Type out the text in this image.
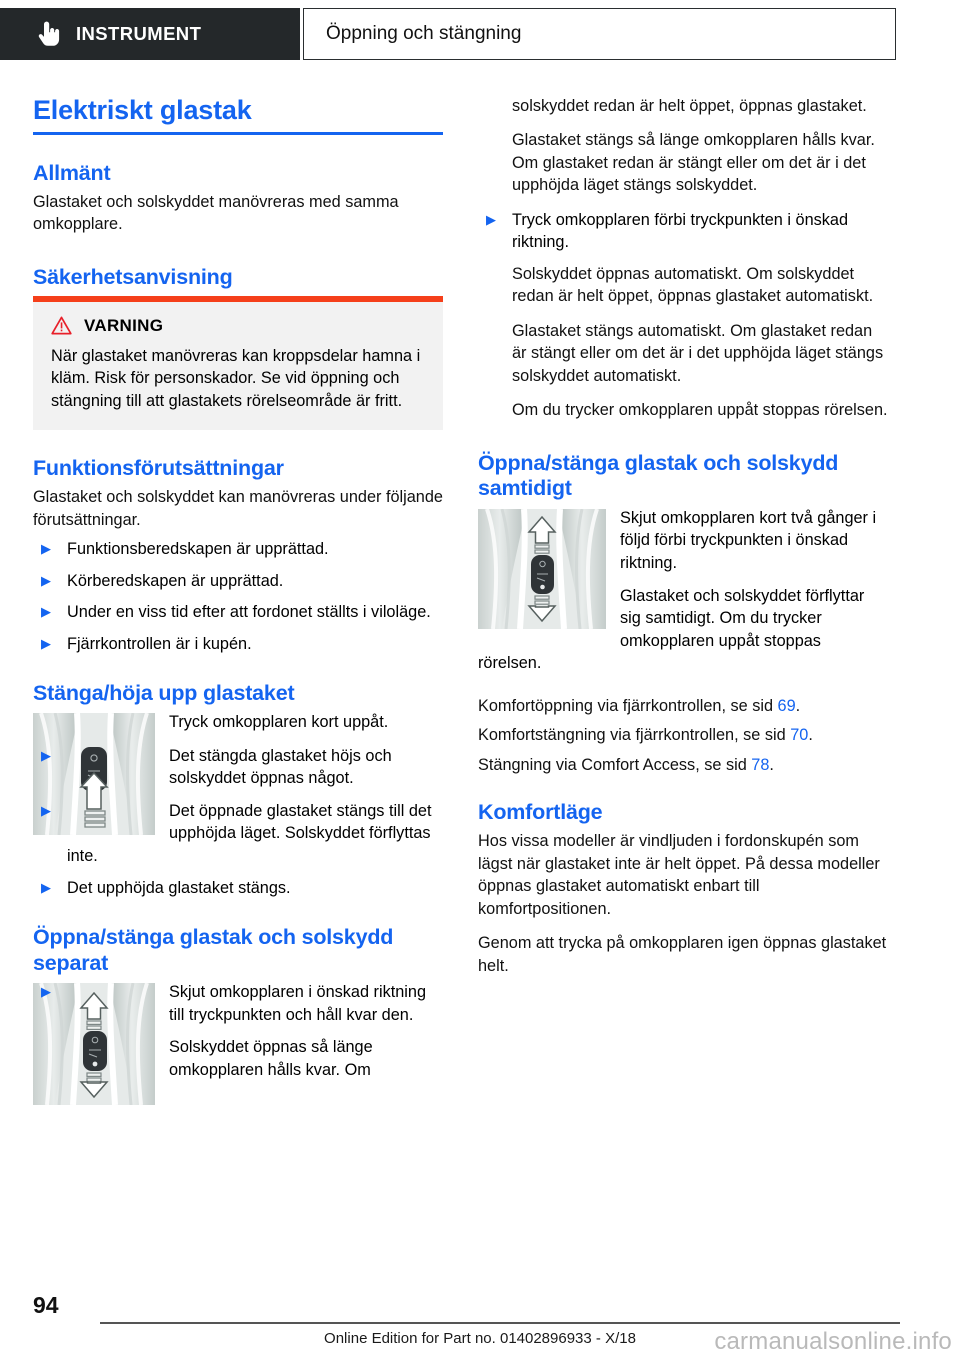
INSTRUMENT	Öppning och stängning
Elektriskt glastak
Allmänt

Glastaket och solskyddet manövreras med samma omkopplare.

Säkerhetsanvisning
VARNING

När glastaket manövreras kan kroppsdelar hamna i kläm. Risk för personskador. Se vid öppning och stängning till att glastakets rörelseområde är fritt.

Funktionsförutsättningar

Glastaket och solskyddet kan manövreras under följande förutsättningar.

▶ Funktionsberedskapen är upprättad.
▶ Körberedskapen är upprättad.
▶ Under en viss tid efter att fordonet ställts i viloläge.
▶ Fjärrkontrollen är i kupén.
Stänga/höja upp glastaket

Tryck omkopplaren kort uppåt.

▶	Det stängda glastaket höjs och solskyddet öppnas något.
▶	Det öppnade glastaket stängs till det upphöjda läget. Solskyddet förflyttas inte.
▶ Det upphöjda glastaket stängs.
Öppna/stänga glastak och solskydd separat
▶	Skjut omkopplaren i önskad riktning till tryckpunkten och håll kvar den.

Solskyddet öppnas så länge omkopplaren hålls kvar. Om

solskyddet redan är helt öppet, öppnas glastaket.

Glastaket stängs så länge omkopplaren hålls kvar. Om glastaket redan är stängt eller om det är i det upphöjda läget stängs solskyddet.

▶ Tryck omkopplaren förbi tryckpunkten i önskad riktning.

Solskyddet öppnas automatiskt. Om solskyddet redan är helt öppet, öppnas glastaket automatiskt.

Glastaket stängs automatiskt. Om glastaket redan är stängt eller om det är i det upphöjda läget stängs solskyddet automatiskt.

Om du trycker omkopplaren uppåt stoppas rörelsen.

Öppna/stänga glastak och solskydd samtidigt

Skjut omkopplaren kort två gånger i följd förbi tryckpunkten i önskad riktning.

Glastaket och solskyddet förflyttar sig samtidigt. Om du trycker omkopplaren uppåt stoppas rörelsen.

Komfortöppning via fjärrkontrollen, se sid 69.

Komfortstängning via fjärrkontrollen, se sid 70.

Stängning via Comfort Access, se sid 78.

Komfortläge

Hos vissa modeller är vindljuden i fordonskupén som lägst när glastaket inte är helt öppet. På dessa modeller öppnas glastaket automatiskt enbart till komfortpositionen.

Genom att trycka på omkopplaren igen öppnas glastaket helt.

94
Online Edition for Part no. 01402896933 - X/18	carmanualsonline.info
